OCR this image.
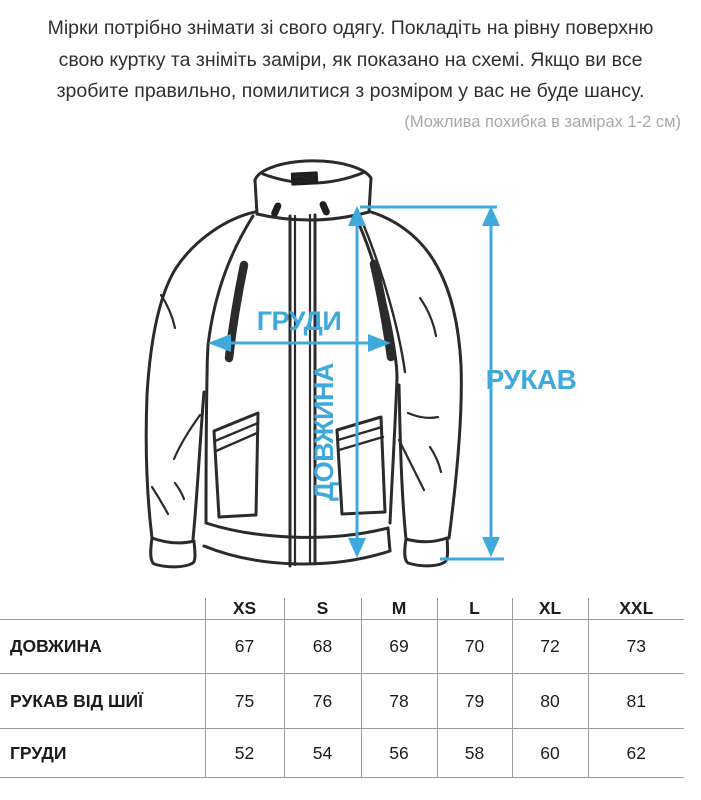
Мірки потрібно знімати зі свого одягу. Покладіть на рівну поверхню
свою куртку та зніміть заміри, як показано на схемі. Якщо ви все
зробите правильно, помилитися з розміром у вас не буде шансу.
(Можлива похибка в замірах 1-2 см)
ГРУДИ
ДОВЖИНА	РУКАВ
	XS	S	M	L	XL	XXL
ДОВЖИНА	67	68	69	70	72	73
РУКАВ ВІД ШИЇ	75	76	78	79	80	81
ГРУДИ	52	54	56	58	60	62
